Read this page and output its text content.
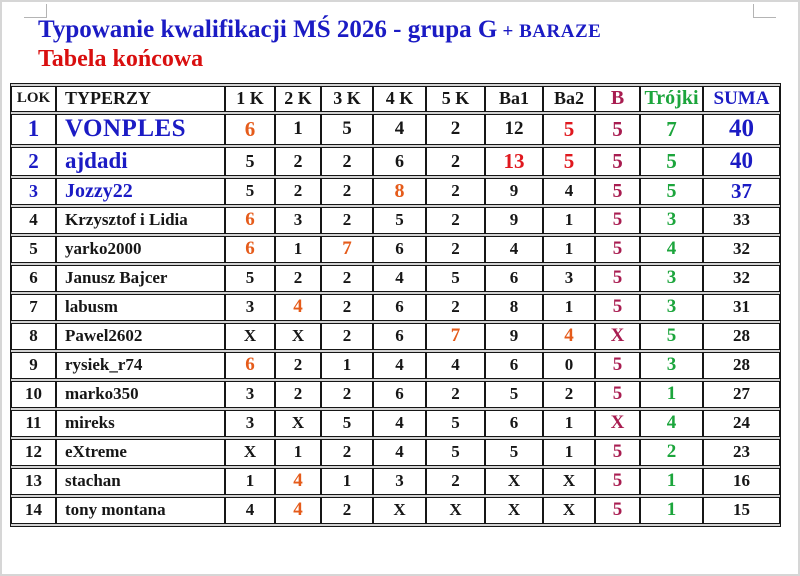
Typowanie kwalifikacji MŚ 2026 - grupa G + BARAZE
Tabela końcowa
LOK	TYPERZY	1 K	2 K	3 K	4 K	5 K	Ba1	Ba2	B	Trójki	SUMA
1	VONPLES	6	1	5	4	2	12	5	5	7	40
2	ajdadi	5	2	2	6	2	13	5	5	5	40
3	Jozzy22	5	2	2	8	2	9	4	5	5	37
4	Krzysztof i Lidia	6	3	2	5	2	9	1	5	3	33
5	yarko2000	6	1	7	6	2	4	1	5	4	32
6	Janusz Bajcer	5	2	2	4	5	6	3	5	3	32
7	labusm	3	4	2	6	2	8	1	5	3	31
8	Pawel2602	X	X	2	6	7	9	4	X	5	28
9	rysiek_r74	6	2	1	4	4	6	0	5	3	28
10	marko350	3	2	2	6	2	5	2	5	1	27
11	mireks	3	X	5	4	5	6	1	X	4	24
12	eXtreme	X	1	2	4	5	5	1	5	2	23
13	stachan	1	4	1	3	2	X	X	5	1	16
14	tony montana	4	4	2	X	X	X	X	5	1	15
